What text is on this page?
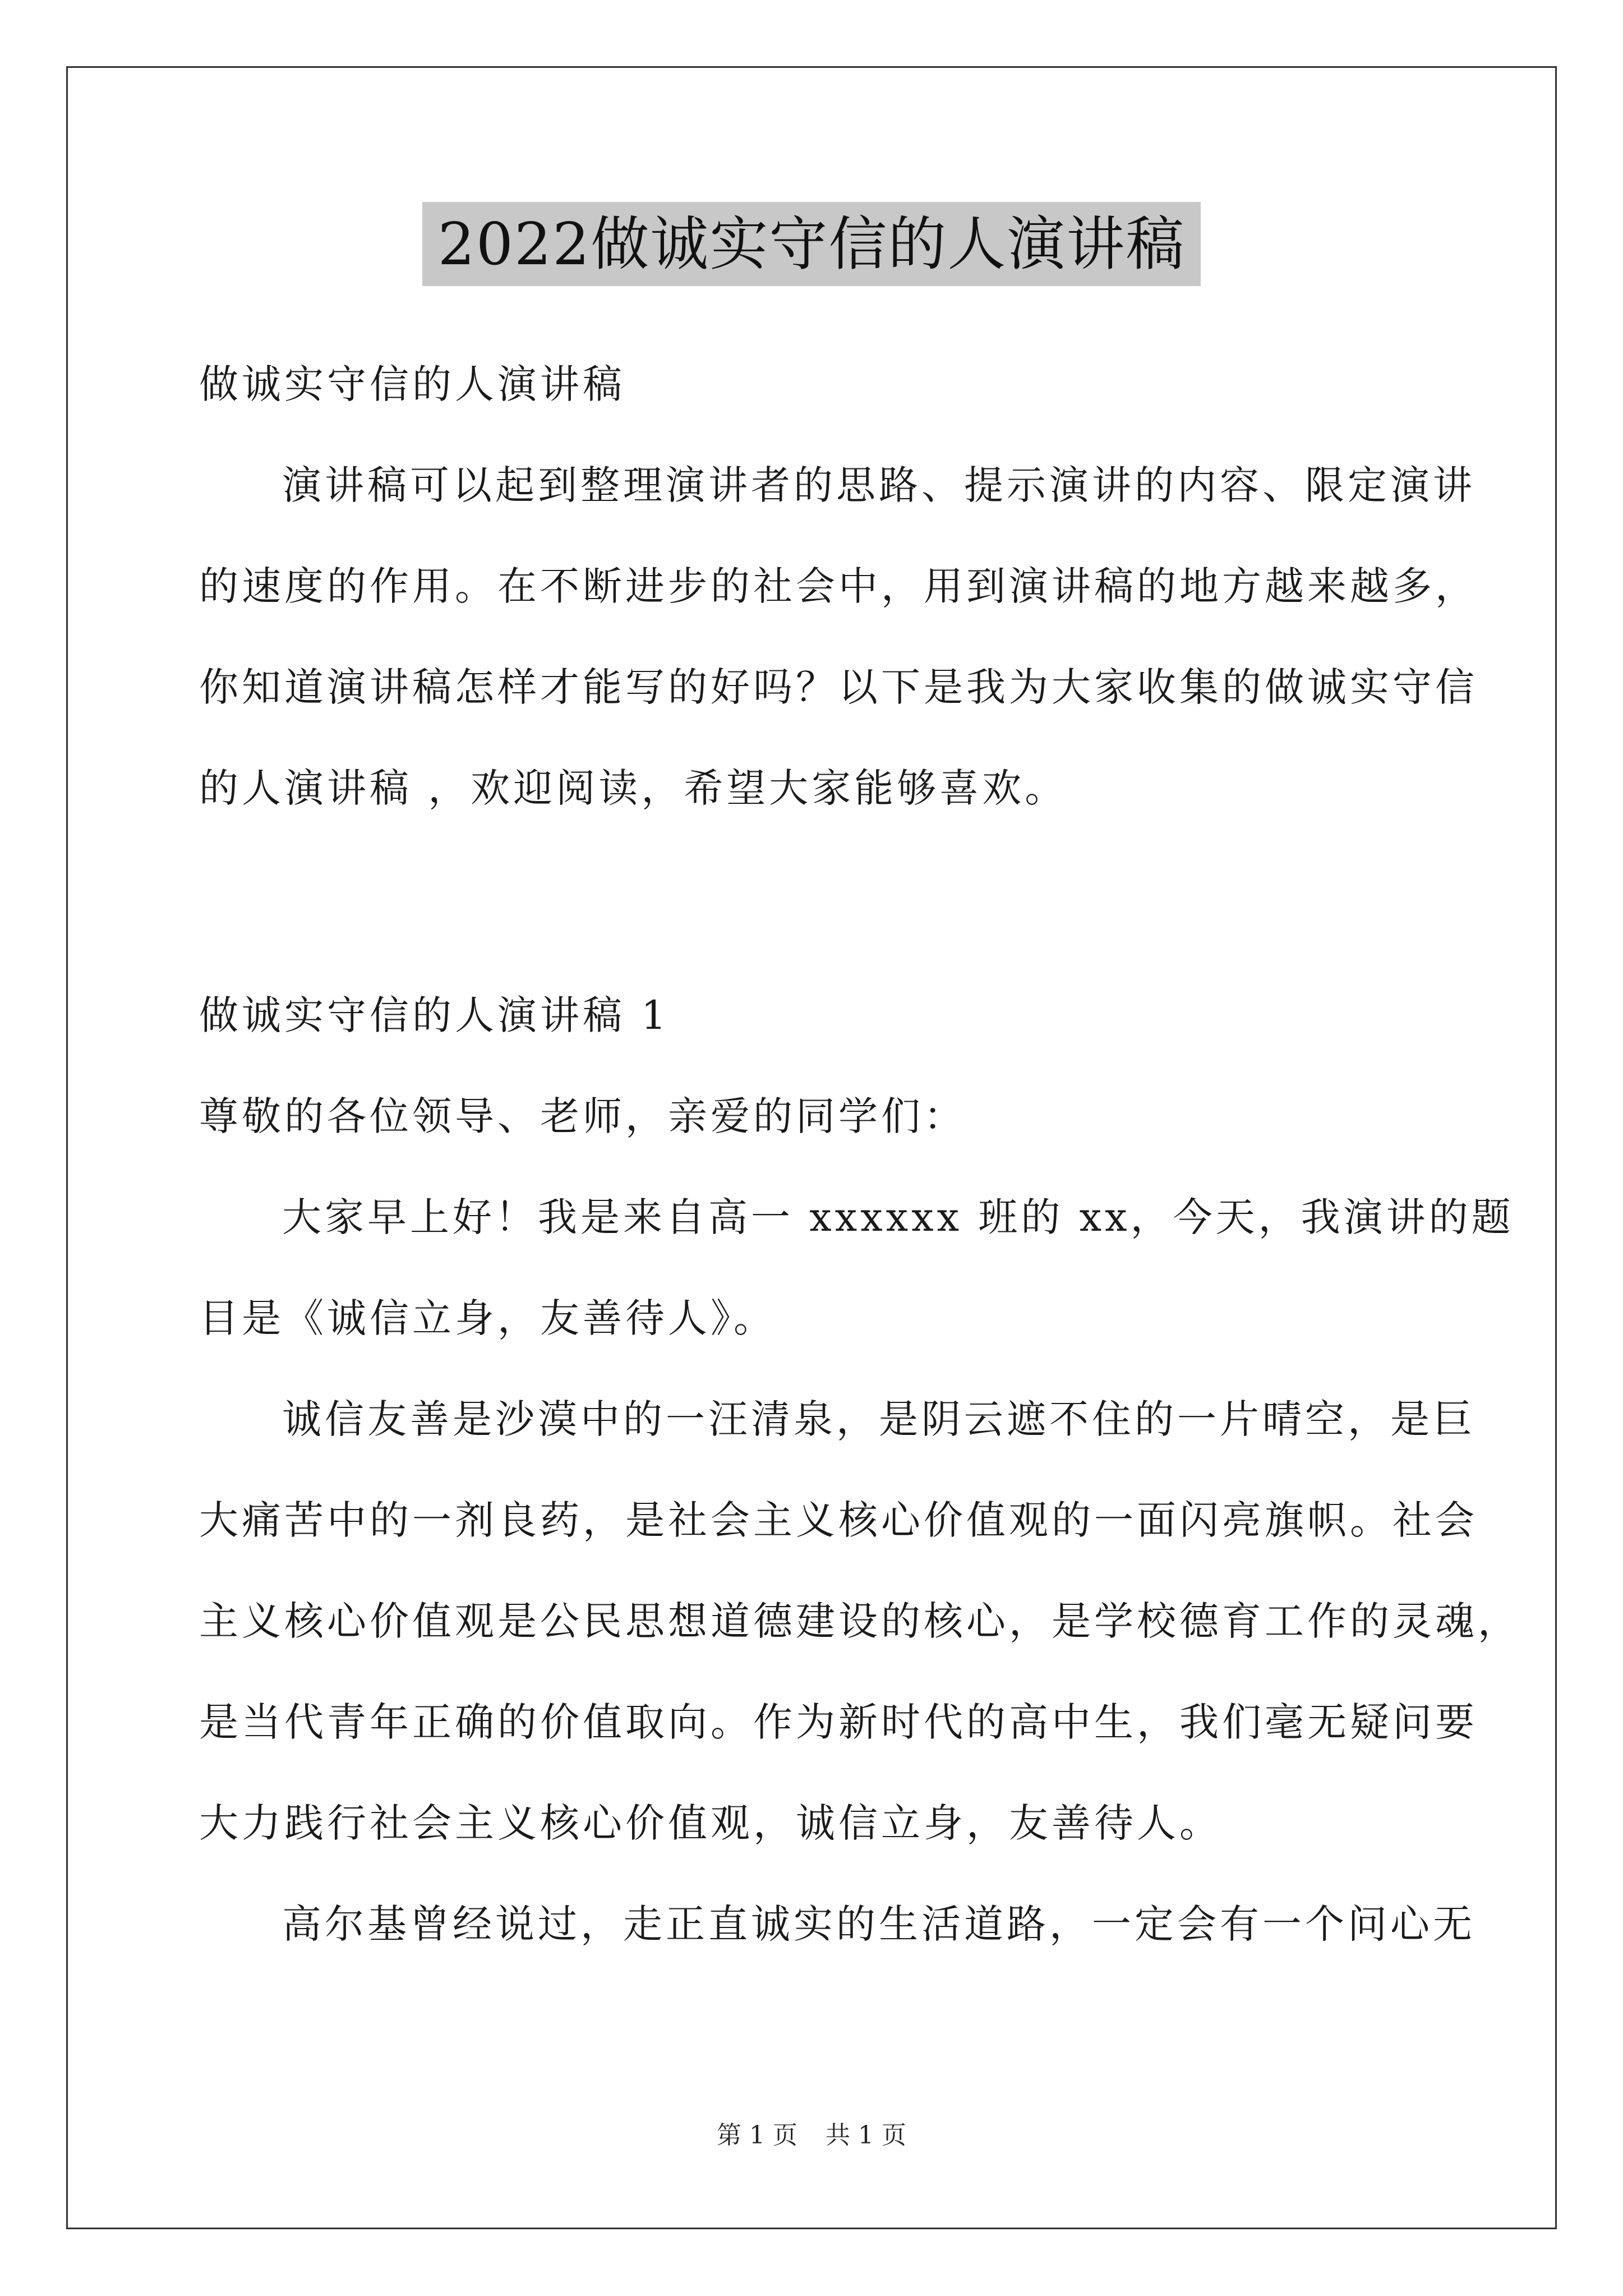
2022做诚实守信的人演讲稿
做诚实守信的人演讲稿
演讲稿可以起到整理演讲者的思路、提示演讲的内容、限定演讲
的速度的作用。在不断进步的社会中，用到演讲稿的地方越来越多，
你知道演讲稿怎样才能写的好吗？以下是我为大家收集的做诚实守信
的人演讲稿 ，欢迎阅读，希望大家能够喜欢。
做诚实守信的人演讲稿 1
尊敬的各位领导、老师，亲爱的同学们：
大家早上好！我是来自高一 xxxxxx 班的 xx，今天，我演讲的题
目是《诚信立身，友善待人》。
诚信友善是沙漠中的一汪清泉，是阴云遮不住的一片晴空，是巨
大痛苦中的一剂良药，是社会主义核心价值观的一面闪亮旗帜。社会
主义核心价值观是公民思想道德建设的核心，是学校德育工作的灵魂，
是当代青年正确的价值取向。作为新时代的高中生，我们毫无疑问要
大力践行社会主义核心价值观，诚信立身，友善待人。
高尔基曾经说过，走正直诚实的生活道路，一定会有一个问心无
第 1 页 共 1 页
